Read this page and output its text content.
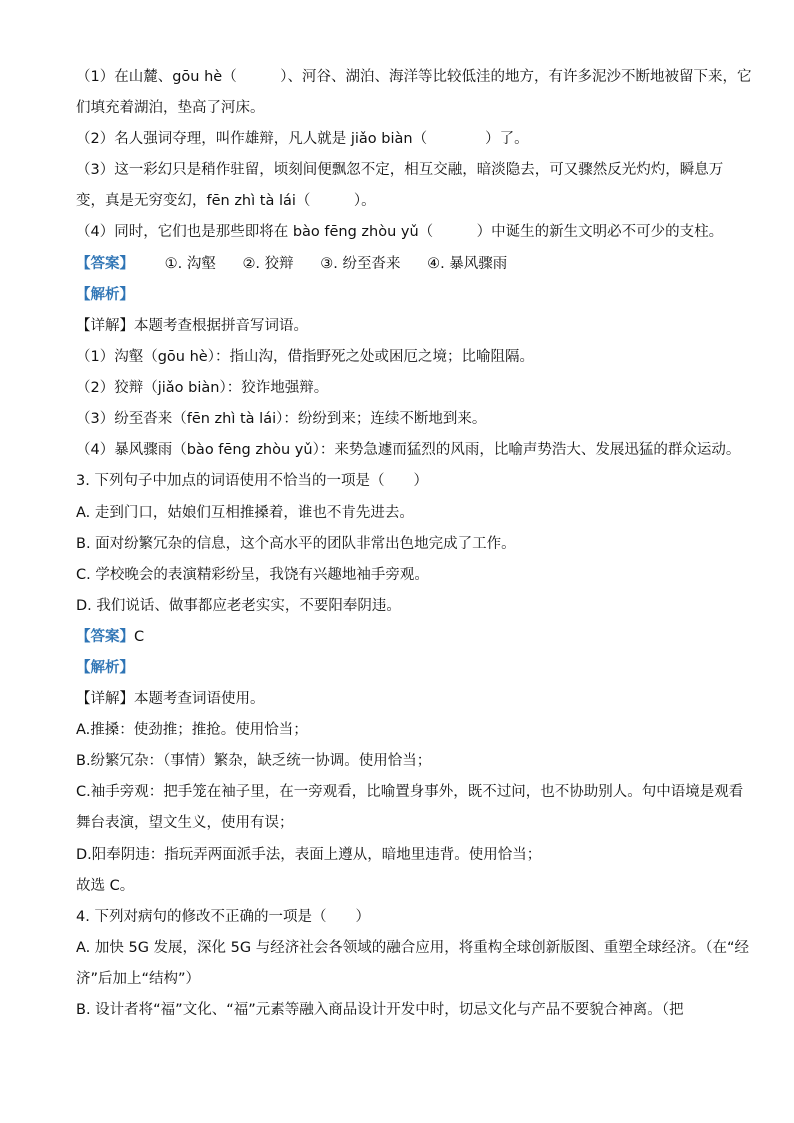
（1）在山麓、gōu hè（　　　）、河谷、湖泊、海洋等比较低洼的地方，有许多泥沙不断地被留下来，它
们填充着湖泊，垫高了河床。
（2）名人强词夺理，叫作雄辩，凡人就是 jiǎo biàn（　　　　）了。
（3）这一彩幻只是稍作驻留，顷刻间便飘忽不定，相互交融，暗淡隐去，可又骤然反光灼灼，瞬息万
变，真是无穷变幻，fēn zhì tà lái（　　　）。
（4）同时，它们也是那些即将在 bào fēng zhòu yǔ（　　　）中诞生的新生文明必不可少的支柱。
【答案】 ①. 沟壑 ②. 狡辩 ③. 纷至沓来 ④. 暴风骤雨
【解析】
【详解】本题考查根据拼音写词语。
（1）沟壑（gōu hè）：指山沟，借指野死之处或困厄之境；比喻阻隔。
（2）狡辩（jiǎo biàn）：狡诈地强辩。
（3）纷至沓来（fēn zhì tà lái）：纷纷到来；连续不断地到来。
（4）暴风骤雨（bào fēng zhòu yǔ）：来势急遽而猛烈的风雨，比喻声势浩大、发展迅猛的群众运动。
3. 下列句子中加点的词语使用不恰当的一项是（　　）
A. 走到门口，姑娘们互相推搡着，谁也不肯先进去。
B. 面对纷繁冗杂的信息，这个高水平的团队非常出色地完成了工作。
C. 学校晚会的表演精彩纷呈，我饶有兴趣地袖手旁观。
D. 我们说话、做事都应老老实实，不要阳奉阴违。
【答案】C
【解析】
【详解】本题考查词语使用。
A.推搡：使劲推；推抢。使用恰当；
B.纷繁冗杂：（事情）繁杂，缺乏统一协调。使用恰当；
C.袖手旁观：把手笼在袖子里，在一旁观看，比喻置身事外，既不过问，也不协助别人。句中语境是观看
舞台表演，望文生义，使用有误；
D.阳奉阴违：指玩弄两面派手法，表面上遵从，暗地里违背。使用恰当；
故选 C。
4. 下列对病句的修改不正确的一项是（　　）
A. 加快 5G 发展，深化 5G 与经济社会各领域的融合应用，将重构全球创新版图、重塑全球经济。（在“经
济”后加上“结构”）
B. 设计者将“福”文化、“福”元素等融入商品设计开发中时，切忌文化与产品不要貌合神离。（把
